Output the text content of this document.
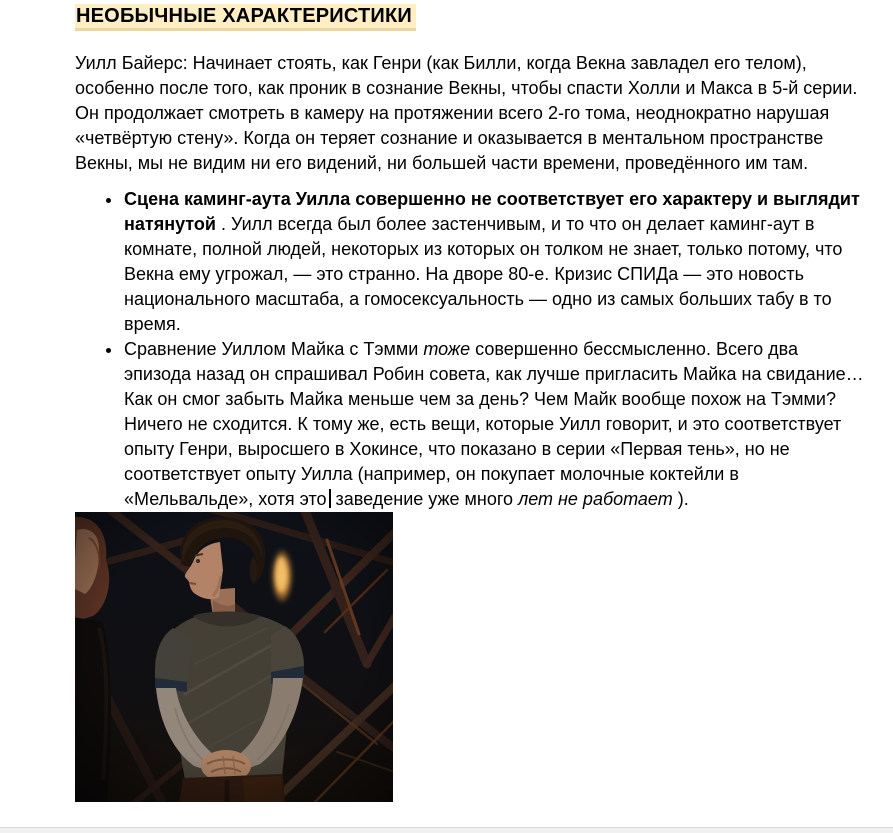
НЕОБЫЧНЫЕ ХАРАКТЕРИСТИКИ

Уилл Байерс: Начинает стоять, как Генри (как Билли, когда Векна завладел его телом), особенно после того, как проник в сознание Векны, чтобы спасти Холли и Макса в 5-й серии. Он продолжает смотреть в камеру на протяжении всего 2-го тома, неоднократно нарушая «четвёртую стену». Когда он теряет сознание и оказывается в ментальном пространстве Векны, мы не видим ни его видений, ни большей части времени, проведённого им там.

• Сцена каминг-аута Уилла совершенно не соответствует его характеру и выглядит натянутой . Уилл всегда был более застенчивым, и то что он делает каминг-аут в комнате, полной людей, некоторых из которых он толком не знает, только потому, что Векна ему угрожал, — это странно. На дворе 80-е. Кризис СПИДа — это новость национального масштаба, а гомосексуальность — одно из самых больших табу в то время.
• Сравнение Уиллом Майка с Тэмми тоже совершенно бессмысленно. Всего два эпизода назад он спрашивал Робин совета, как лучше пригласить Майка на свидание… Как он смог забыть Майка меньше чем за день? Чем Майк вообще похож на Тэмми? Ничего не сходится. К тому же, есть вещи, которые Уилл говорит, и это соответствует опыту Генри, выросшего в Хокинсе, что показано в серии «Первая тень», но не соответствует опыту Уилла (например, он покупает молочные коктейли в «Мельвальде», хотя это заведение уже много лет не работает ).
